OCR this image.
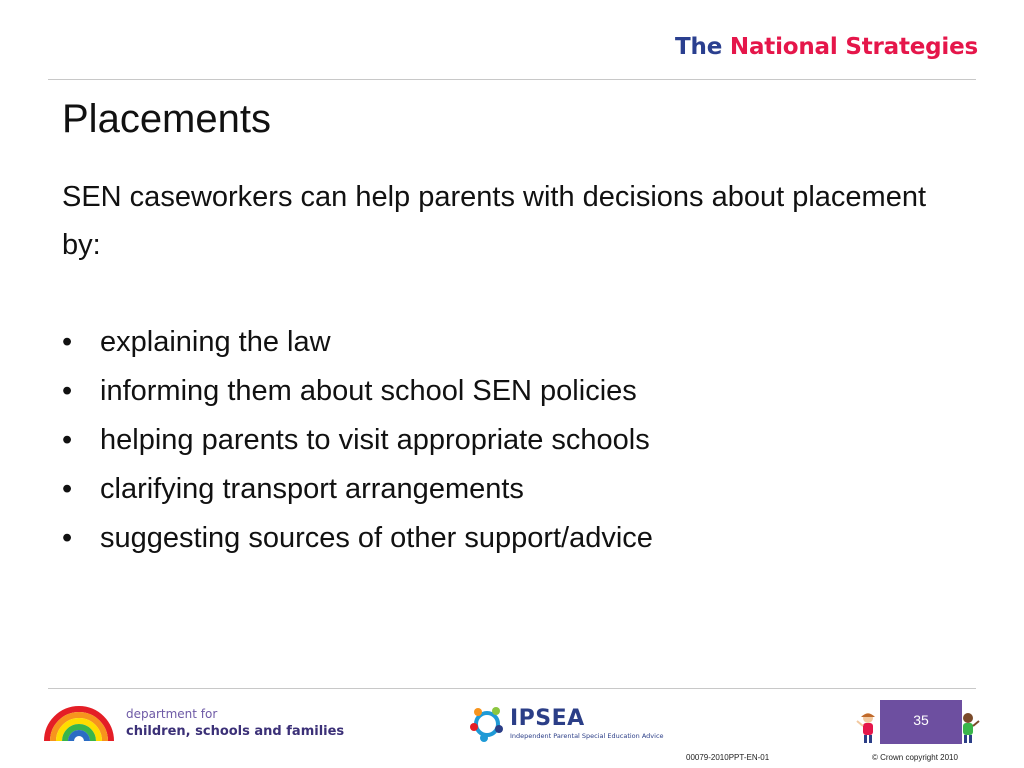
The National Strategies
Placements

SEN caseworkers can help parents with decisions about placement by:

• explaining the law
• informing them about school SEN policies
• helping parents to visit appropriate schools
• clarifying transport arrangements
• suggesting sources of other support/advice
department for
children, schools and families
IPSEA
Independent Parental Special Education Advice
35
00079-2010PPT-EN-01	© Crown copyright 2010
